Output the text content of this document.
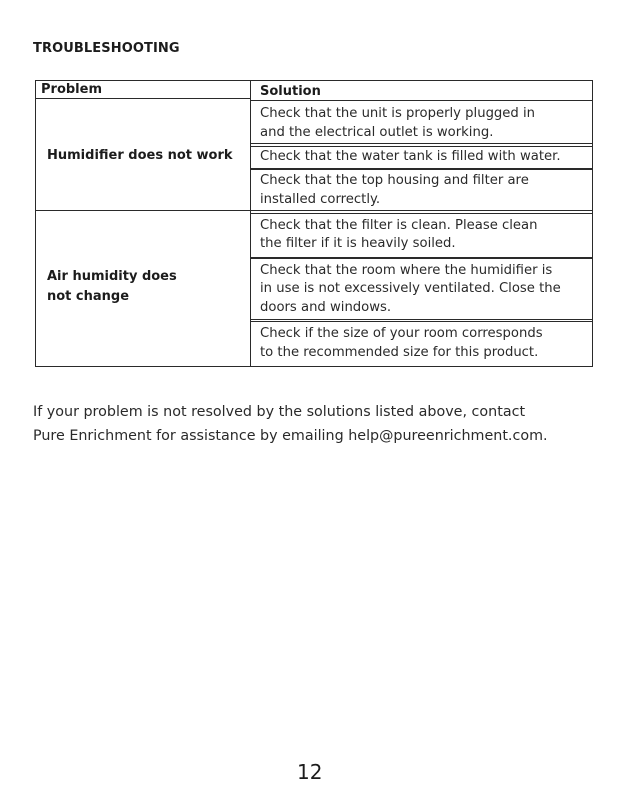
TROUBLESHOOTING
Problem	Solution
Humidifier does not work
Air humidity does
not change
Check that the unit is properly plugged in
and the electrical outlet is working.
Check that the water tank is filled with water.
Check that the top housing and filter are
installed correctly.
Check that the filter is clean. Please clean
the filter if it is heavily soiled.
Check that the room where the humidifier is
in use is not excessively ventilated. Close the
doors and windows.
Check if the size of your room corresponds
to the recommended size for this product.
If your problem is not resolved by the solutions listed above, contact
Pure Enrichment for assistance by emailing help@pureenrichment.com.
12
